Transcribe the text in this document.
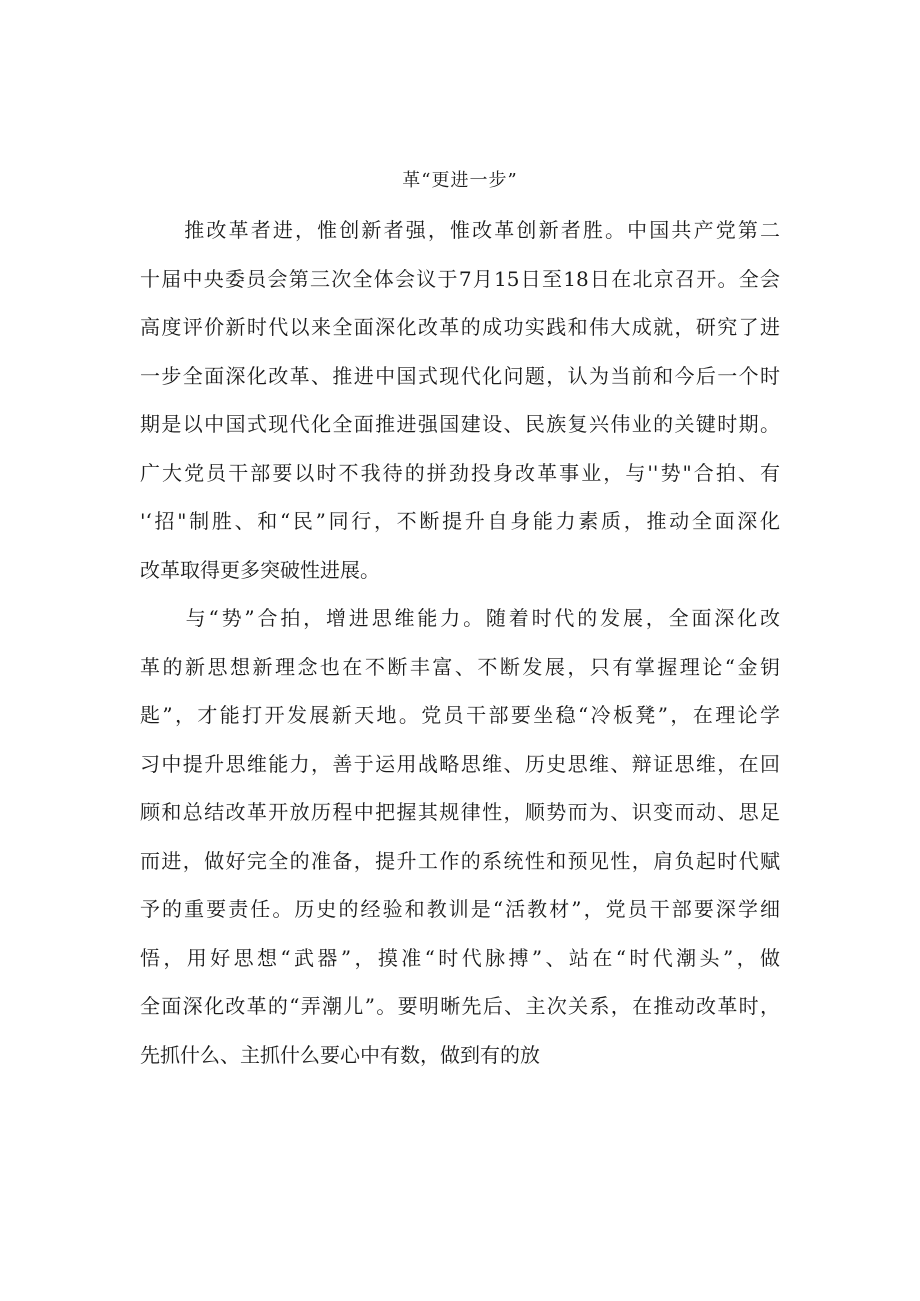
革“更进一步”
　　推改革者进，惟创新者强，惟改革创新者胜。中国共产党第二
十届中央委员会第三次全体会议于7月15日至18日在北京召开。全会
高度评价新时代以来全面深化改革的成功实践和伟大成就，研究了进
一步全面深化改革、推进中国式现代化问题，认为当前和今后一个时
期是以中国式现代化全面推进强国建设、民族复兴伟业的关键时期。
广大党员干部要以时不我待的拼劲投身改革事业，与''势"合拍、有
'‘招"制胜、和“民”同行，不断提升自身能力素质，推动全面深化
改革取得更多突破性进展。
　　与“势”合拍，增进思维能力。随着时代的发展，全面深化改
革的新思想新理念也在不断丰富、不断发展，只有掌握理论“金钥
匙”，才能打开发展新天地。党员干部要坐稳“冷板凳”，在理论学
习中提升思维能力，善于运用战略思维、历史思维、辩证思维，在回
顾和总结改革开放历程中把握其规律性，顺势而为、识变而动、思足
而进，做好完全的准备，提升工作的系统性和预见性，肩负起时代赋
予的重要责任。历史的经验和教训是“活教材”，党员干部要深学细
悟，用好思想“武器”，摸准“时代脉搏”、站在“时代潮头”，做
全面深化改革的“弄潮儿”。要明晰先后、主次关系，在推动改革时，
先抓什么、主抓什么要心中有数，做到有的放
